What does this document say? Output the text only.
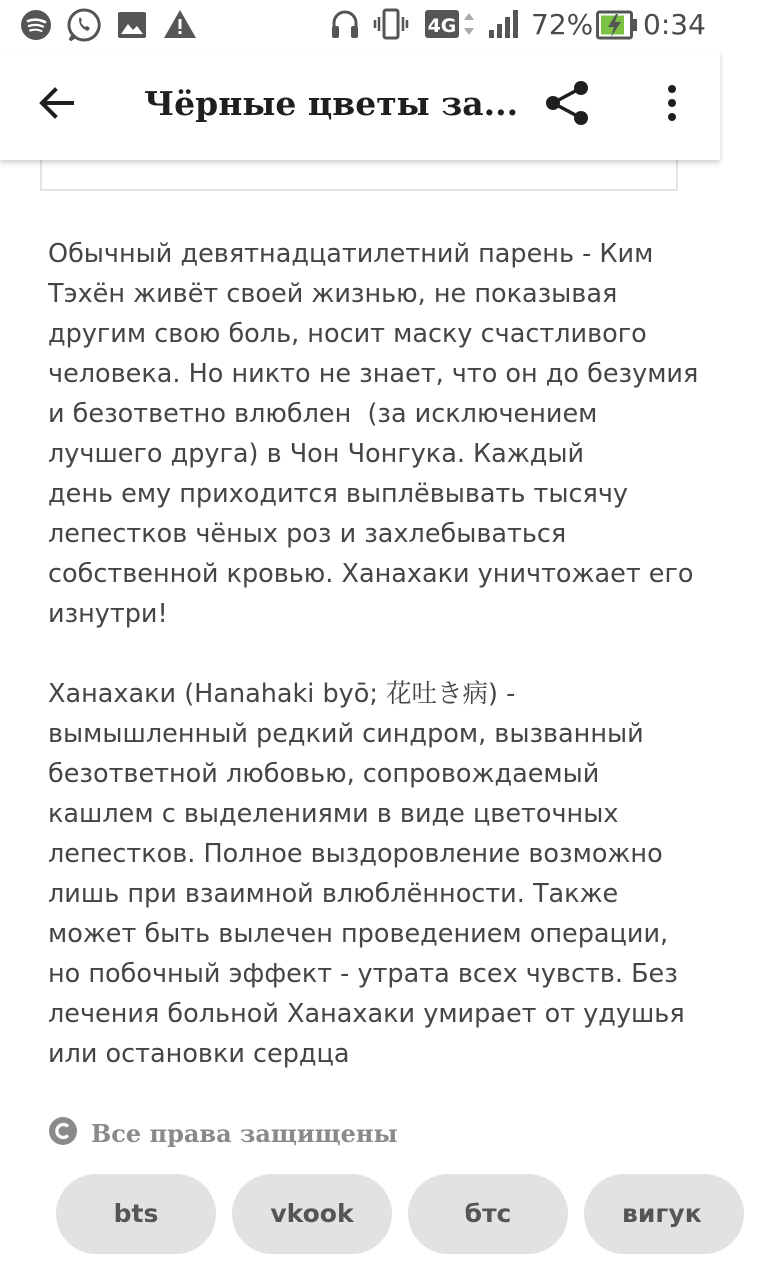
4G	72% 0:34
Чёрные цветы за...

Обычный девятнадцатилетний парень - Ким
Тэхён живёт своей жизнью, не показывая
другим свою боль, носит маску счастливого
человека. Но никто не знает, что он до безумия
и безответно влюблен  (за исключением
лучшего друга) в Чон Чонгука. Каждый
день ему приходится выплёвывать тысячу
лепестков чёных роз и захлебываться
собственной кровью. Ханахаки уничтожает его
изнутри!

Ханахаки (Hanahaki byō; 花吐き病) -
вымышленный редкий синдром, вызванный
безответной любовью, сопровождаемый
кашлем с выделениями в виде цветочных
лепестков. Полное выздоровление возможно
лишь при взаимной влюблённости. Также
может быть вылечен проведением операции,
но побочный эффект - утрата всех чувств. Без
лечения больной Ханахаки умирает от удушья
или остановки сердца

Все права защищены
bts	vkook	бтс	вигук
